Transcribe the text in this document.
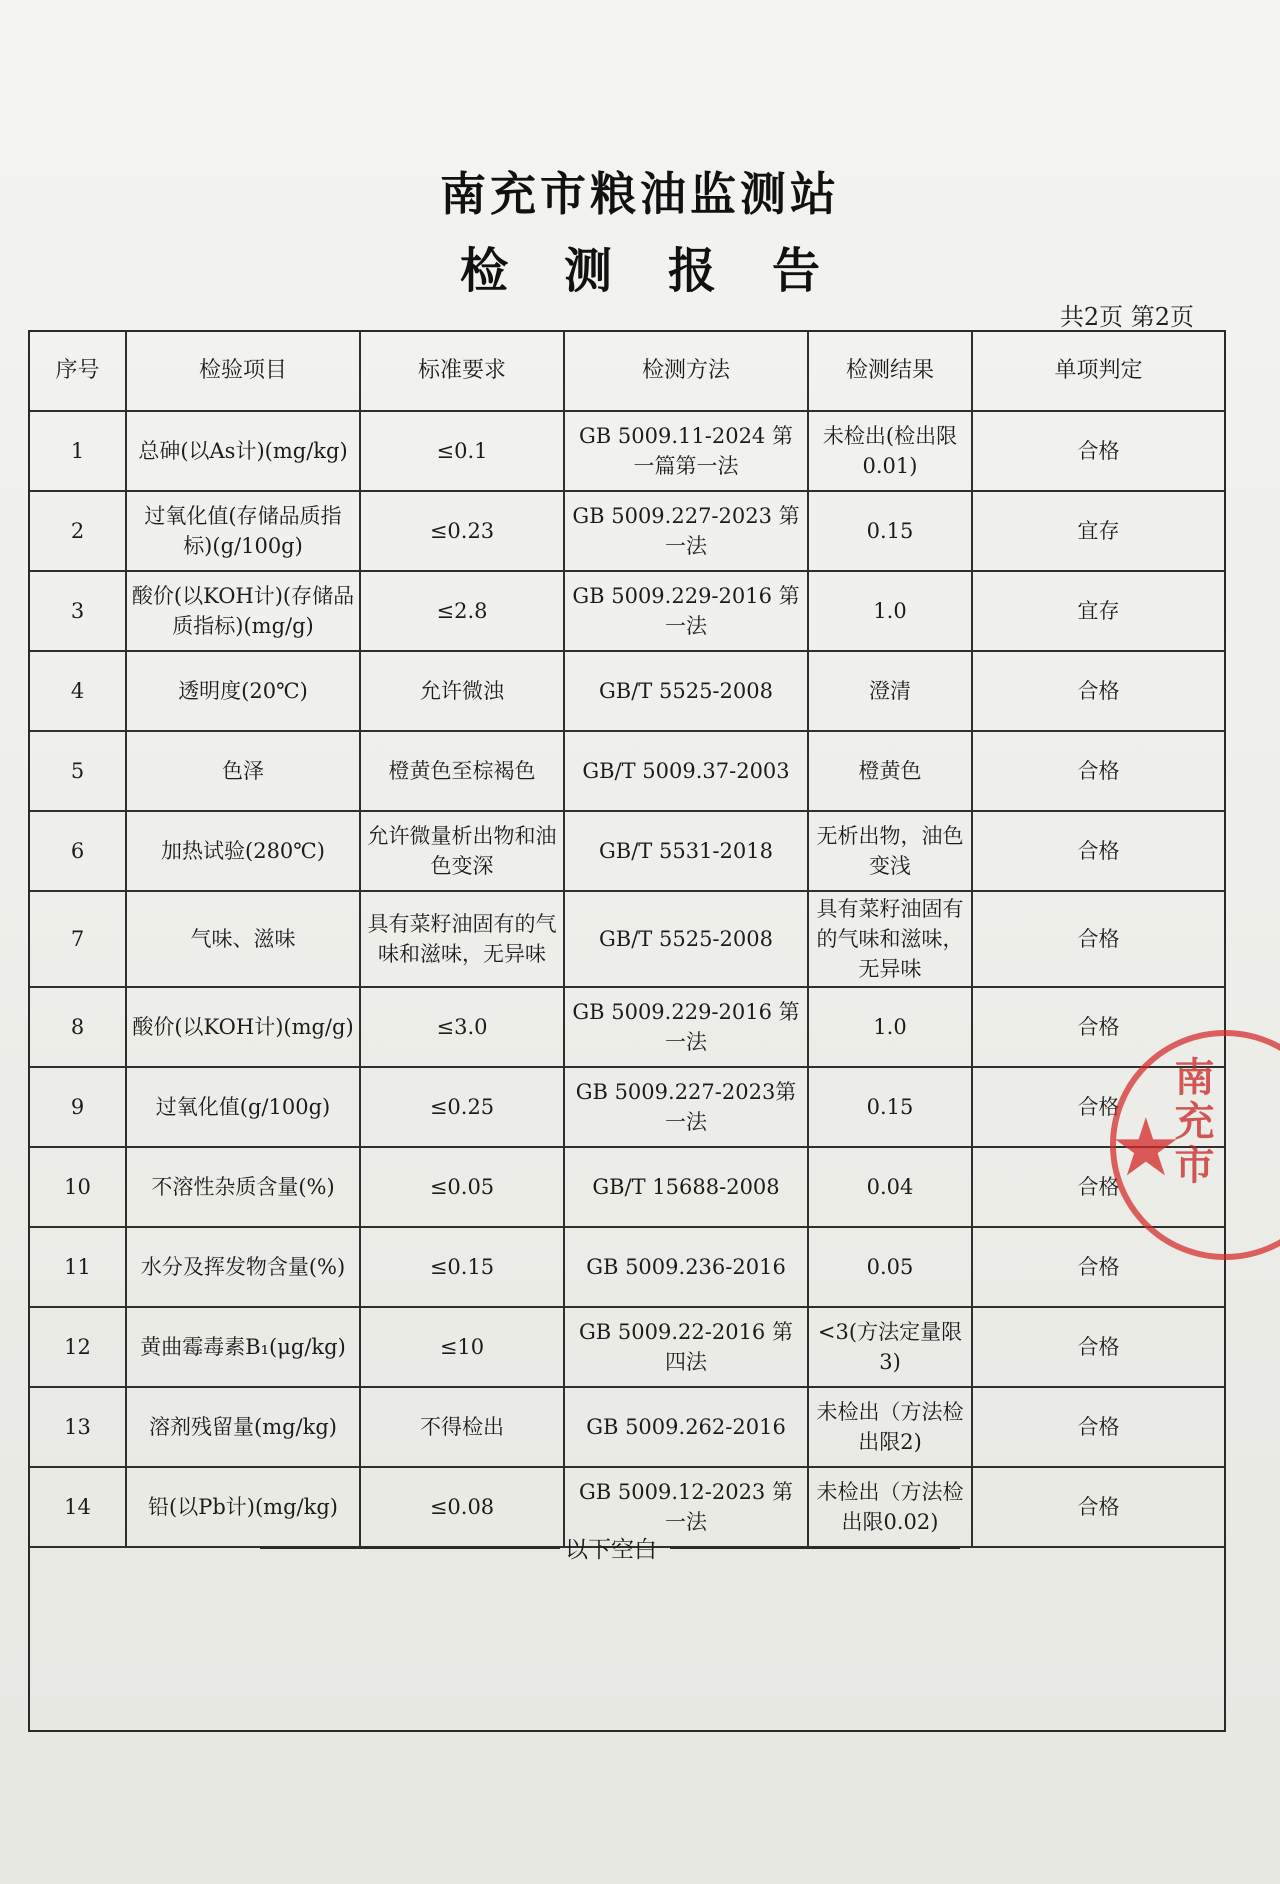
南充市粮油监测站
检测报告
共2页 第2页
序号	检验项目	标准要求	检测方法	检测结果	单项判定
1	总砷(以As计)(mg/kg)	≤0.1	GB 5009.11-2024 第一篇第一法	未检出(检出限0.01)	合格
2	过氧化值(存储品质指标)(g/100g)	≤0.23	GB 5009.227-2023 第一法	0.15	宜存
3	酸价(以KOH计)(存储品质指标)(mg/g)	≤2.8	GB 5009.229-2016 第一法	1.0	宜存
4	透明度(20℃)	允许微浊	GB/T 5525-2008	澄清	合格
5	色泽	橙黄色至棕褐色	GB/T 5009.37-2003	橙黄色	合格
6	加热试验(280℃)	允许微量析出物和油色变深	GB/T 5531-2018	无析出物，油色变浅	合格
7	气味、滋味	具有菜籽油固有的气味和滋味，无异味	GB/T 5525-2008	具有菜籽油固有的气味和滋味，无异味	合格
8	酸价(以KOH计)(mg/g)	≤3.0	GB 5009.229-2016 第一法	1.0	合格
9	过氧化值(g/100g)	≤0.25	GB 5009.227-2023第一法	0.15	合格
10	不溶性杂质含量(%)	≤0.05	GB/T 15688-2008	0.04	合格
11	水分及挥发物含量(%)	≤0.15	GB 5009.236-2016	0.05	合格
12	黄曲霉毒素B₁(μg/kg)	≤10	GB 5009.22-2016 第四法	<3(方法定量限3)	合格
13	溶剂残留量(mg/kg)	不得检出	GB 5009.262-2016	未检出（方法检出限2)	合格
14	铅(以Pb计)(mg/kg)	≤0.08	GB 5009.12-2023 第一法	未检出（方法检出限0.02)	合格
以下空白
★
南充市
